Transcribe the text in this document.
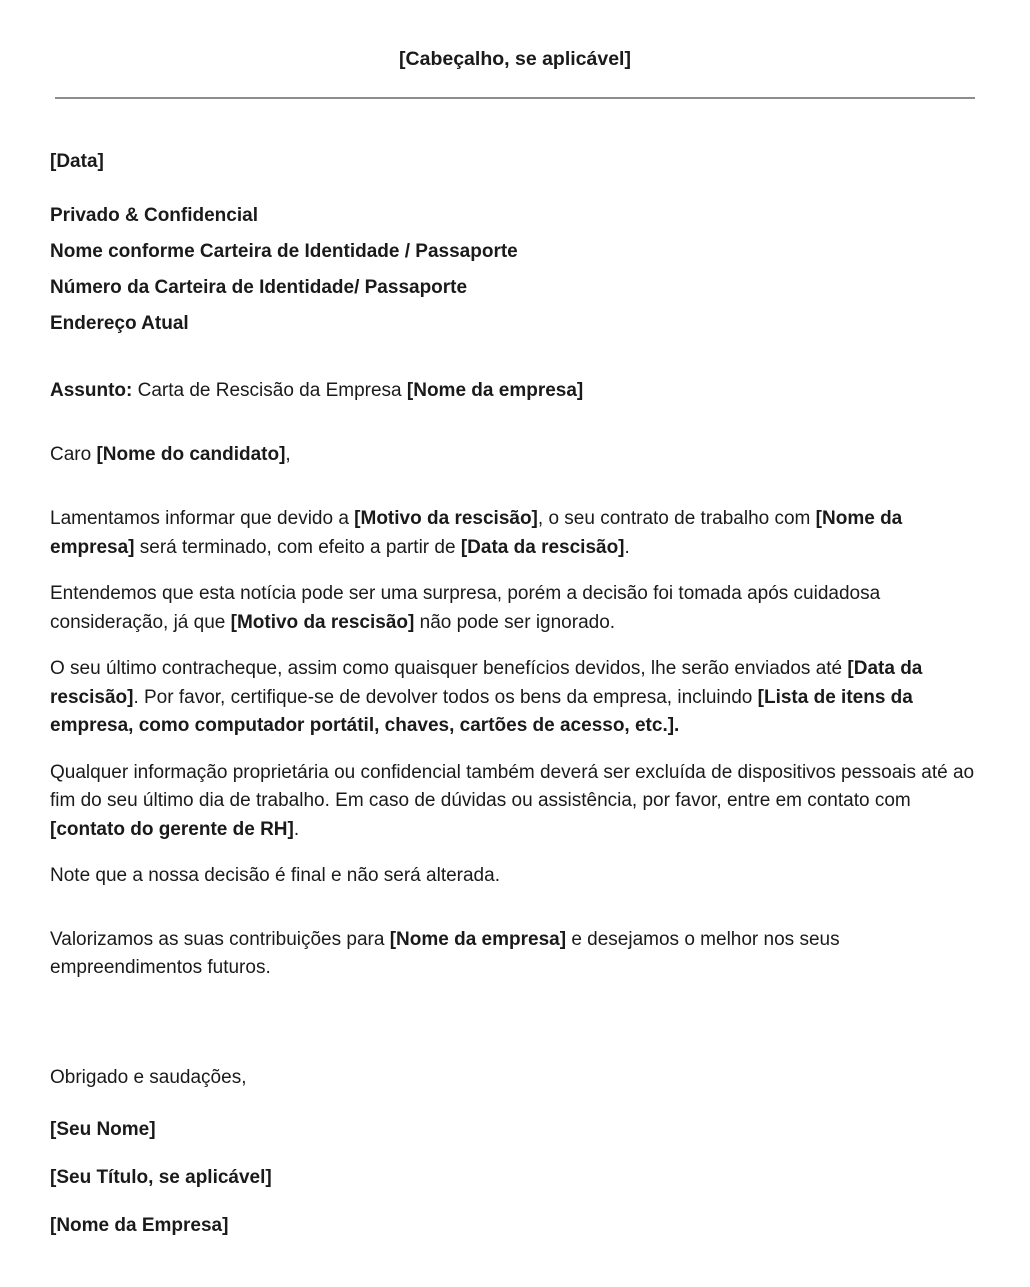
[Cabeçalho, se aplicável]
[Data]
Privado & Confidencial
Nome conforme Carteira de Identidade / Passaporte
Número da Carteira de Identidade/ Passaporte
Endereço Atual
Assunto: Carta de Rescisão da Empresa [Nome da empresa]
Caro [Nome do candidato],

Lamentamos informar que devido a [Motivo da rescisão], o seu contrato de trabalho com [Nome da empresa] será terminado, com efeito a partir de [Data da rescisão].

Entendemos que esta notícia pode ser uma surpresa, porém a decisão foi tomada após cuidadosa consideração, já que [Motivo da rescisão] não pode ser ignorado.

O seu último contracheque, assim como quaisquer benefícios devidos, lhe serão enviados até [Data da rescisão]. Por favor, certifique-se de devolver todos os bens da empresa, incluindo [Lista de itens da empresa, como computador portátil, chaves, cartões de acesso, etc.].

Qualquer informação proprietária ou confidencial também deverá ser excluída de dispositivos pessoais até ao fim do seu último dia de trabalho. Em caso de dúvidas ou assistência, por favor, entre em contato com [contato do gerente de RH].

Note que a nossa decisão é final e não será alterada.

Valorizamos as suas contribuições para [Nome da empresa] e desejamos o melhor nos seus empreendimentos futuros.

Obrigado e saudações,
[Seu Nome]
[Seu Título, se aplicável]
[Nome da Empresa]
